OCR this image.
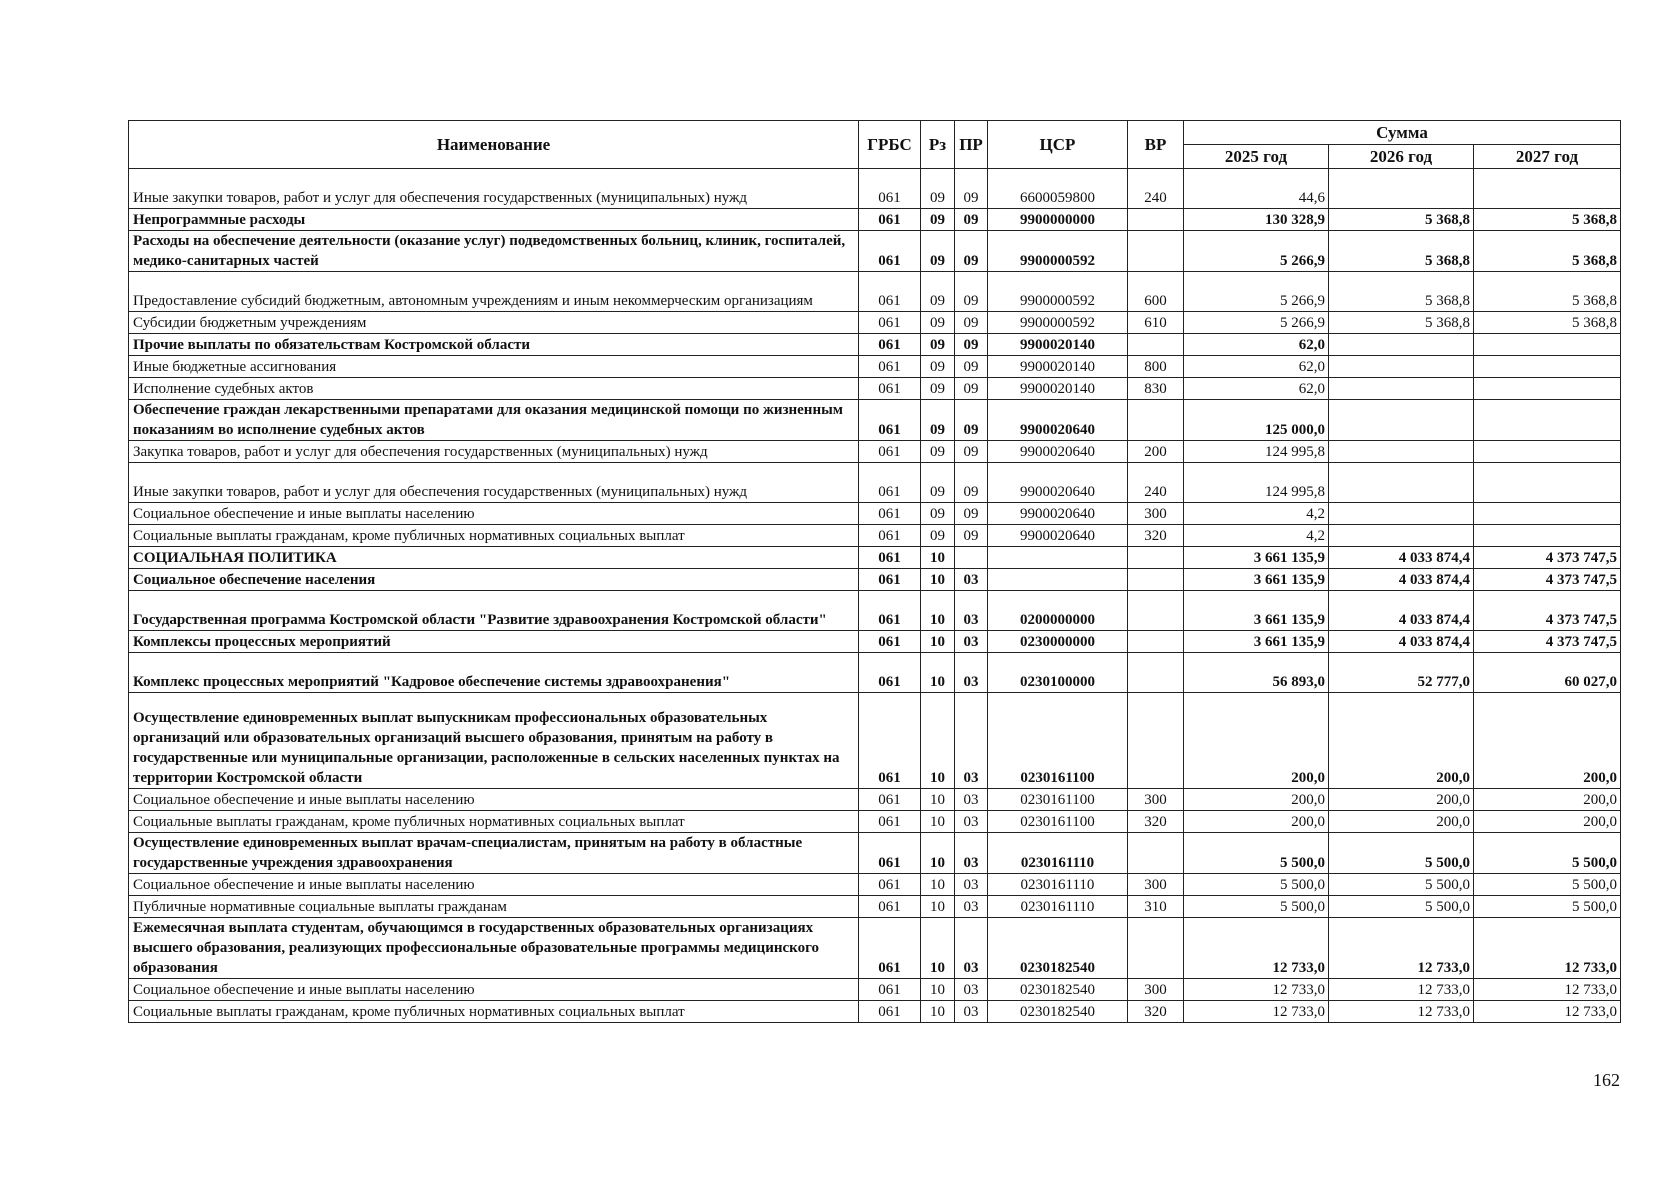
Наименование	ГРБС	Рз	ПР	ЦСР	ВР	Сумма		
						2025 год	2026 год	2027 год
Иные закупки товаров, работ и услуг для обеспечения государственных (муниципальных) нужд	061	09	09	6600059800	240	44,6		
Непрограммные расходы	061	09	09	9900000000		130 328,9	5 368,8	5 368,8
Расходы на обеспечение деятельности (оказание услуг) подведомственных больниц, клиник, госпиталей, медико-санитарных частей	061	09	09	9900000592		5 266,9	5 368,8	5 368,8
Предоставление субсидий бюджетным, автономным учреждениям и иным некоммерческим организациям	061	09	09	9900000592	600	5 266,9	5 368,8	5 368,8
Субсидии бюджетным учреждениям	061	09	09	9900000592	610	5 266,9	5 368,8	5 368,8
Прочие выплаты по обязательствам Костромской области	061	09	09	9900020140		62,0		
Иные бюджетные ассигнования	061	09	09	9900020140	800	62,0		
Исполнение судебных актов	061	09	09	9900020140	830	62,0		
Обеспечение граждан лекарственными препаратами для оказания медицинской помощи по жизненным показаниям во исполнение судебных актов	061	09	09	9900020640		125 000,0		
Закупка товаров, работ и услуг для обеспечения государственных (муниципальных) нужд	061	09	09	9900020640	200	124 995,8		
Иные закупки товаров, работ и услуг для обеспечения государственных (муниципальных) нужд	061	09	09	9900020640	240	124 995,8		
Социальное обеспечение и иные выплаты населению	061	09	09	9900020640	300	4,2		
Социальные выплаты гражданам, кроме публичных нормативных социальных выплат	061	09	09	9900020640	320	4,2		
СОЦИАЛЬНАЯ ПОЛИТИКА	061	10				3 661 135,9	4 033 874,4	4 373 747,5
Социальное обеспечение населения	061	10	03			3 661 135,9	4 033 874,4	4 373 747,5
Государственная программа Костромской области "Развитие здравоохранения Костромской области"	061	10	03	0200000000		3 661 135,9	4 033 874,4	4 373 747,5
Комплексы процессных мероприятий	061	10	03	0230000000		3 661 135,9	4 033 874,4	4 373 747,5
Комплекс процессных мероприятий "Кадровое обеспечение системы здравоохранения"	061	10	03	0230100000		56 893,0	52 777,0	60 027,0
Осуществление единовременных выплат выпускникам профессиональных образовательных организаций или образовательных организаций высшего образования, принятым на работу в государственные или муниципальные организации, расположенные в сельских населенных пунктах на территории Костромской области	061	10	03	0230161100		200,0	200,0	200,0
Социальное обеспечение и иные выплаты населению	061	10	03	0230161100	300	200,0	200,0	200,0
Социальные выплаты гражданам, кроме публичных нормативных социальных выплат	061	10	03	0230161100	320	200,0	200,0	200,0
Осуществление единовременных выплат врачам-специалистам, принятым на работу в областные государственные учреждения здравоохранения	061	10	03	0230161110		5 500,0	5 500,0	5 500,0
Социальное обеспечение и иные выплаты населению	061	10	03	0230161110	300	5 500,0	5 500,0	5 500,0
Публичные нормативные социальные выплаты гражданам	061	10	03	0230161110	310	5 500,0	5 500,0	5 500,0
Ежемесячная выплата студентам, обучающимся в государственных образовательных организациях высшего образования, реализующих профессиональные образовательные программы медицинского образования	061	10	03	0230182540		12 733,0	12 733,0	12 733,0
Социальное обеспечение и иные выплаты населению	061	10	03	0230182540	300	12 733,0	12 733,0	12 733,0
Социальные выплаты гражданам, кроме публичных нормативных социальных выплат	061	10	03	0230182540	320	12 733,0	12 733,0	12 733,0
162
